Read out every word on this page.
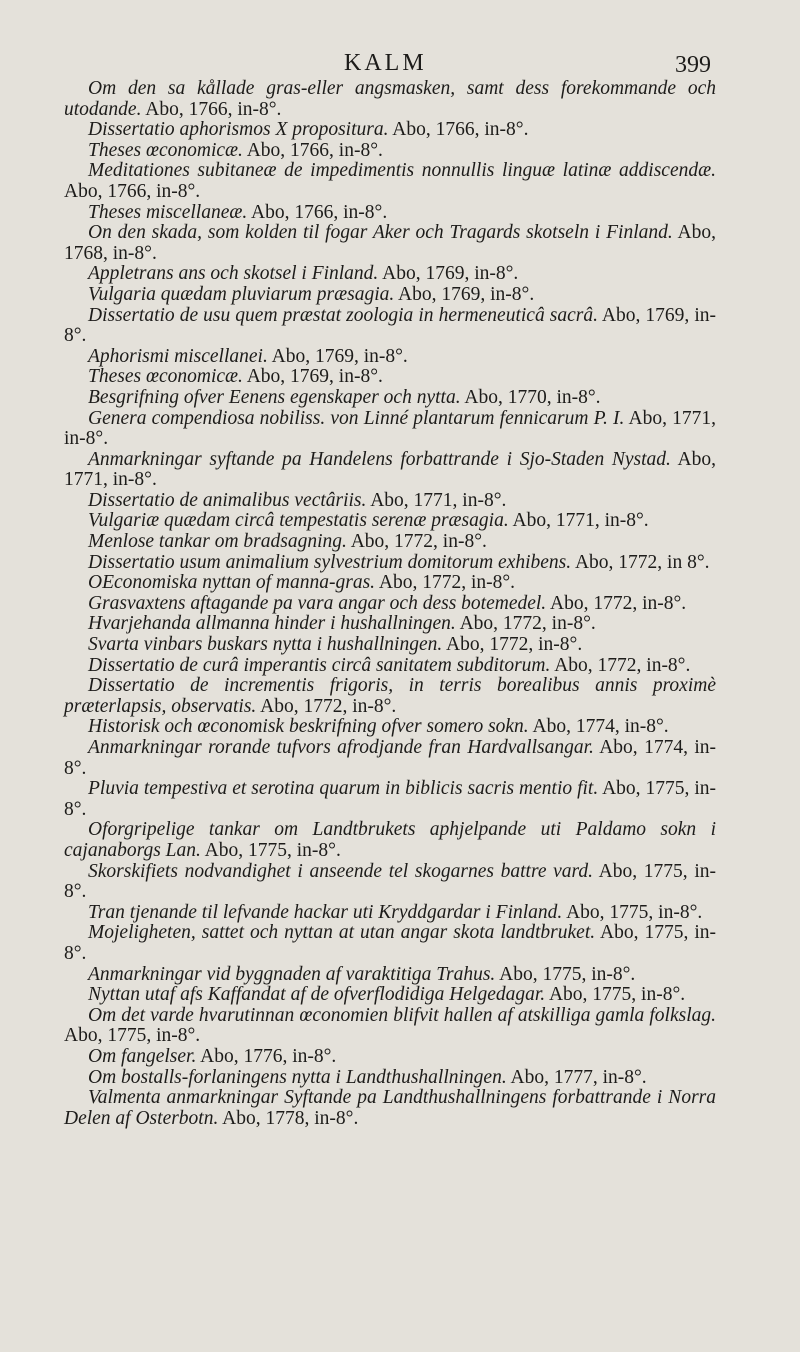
KALM	399

Om den sa kållade gras-eller angsmasken, samt dess forekommande och utodande. Abo, 1766, in-8°.

Dissertatio aphorismos X propositura. Abo, 1766, in-8°.

Theses œconomicæ. Abo, 1766, in-8°.

Meditationes subitaneæ de impedimentis nonnullis linguæ latinæ addiscendæ. Abo, 1766, in-8°.

Theses miscellaneæ. Abo, 1766, in-8°.

On den skada, som kolden til fogar Aker och Tragards skotseln i Finland. Abo, 1768, in-8°.

Appletrans ans och skotsel i Finland. Abo, 1769, in-8°.

Vulgaria quædam pluviarum præsagia. Abo, 1769, in-8°.

Dissertatio de usu quem præstat zoologia in hermeneuticâ sacrâ. Abo, 1769, in-8°.

Aphorismi miscellanei. Abo, 1769, in-8°.

Theses œconomicæ. Abo, 1769, in-8°.

Besgrifning ofver Eenens egenskaper och nytta. Abo, 1770, in-8°.

Genera compendiosa nobiliss. von Linné plantarum fennicarum P. I. Abo, 1771, in-8°.

Anmarkningar syftande pa Handelens forbattrande i Sjo-Staden Nystad. Abo, 1771, in-8°.

Dissertatio de animalibus vectâriis. Abo, 1771, in-8°.

Vulgariæ quædam circâ tempestatis serenæ præsagia. Abo, 1771, in-8°.

Menlose tankar om bradsagning. Abo, 1772, in-8°.

Dissertatio usum animalium sylvestrium domitorum exhibens. Abo, 1772, in 8°.

OEconomiska nyttan of manna-gras. Abo, 1772, in-8°.

Grasvaxtens aftagande pa vara angar och dess botemedel. Abo, 1772, in-8°.

Hvarjehanda allmanna hinder i hushallningen. Abo, 1772, in-8°.

Svarta vinbars buskars nytta i hushallningen. Abo, 1772, in-8°.

Dissertatio de curâ imperantis circâ sanitatem subditorum. Abo, 1772, in-8°.

Dissertatio de incrementis frigoris, in terris borealibus annis proximè præterlapsis, observatis. Abo, 1772, in-8°.

Historisk och œconomisk beskrifning ofver somero sokn. Abo, 1774, in-8°.

Anmarkningar rorande tufvors afrodjande fran Hardvallsangar. Abo, 1774, in-8°.

Pluvia tempestiva et serotina quarum in biblicis sacris mentio fit. Abo, 1775, in-8°.

Oforgripelige tankar om Landtbrukets aphjelpande uti Paldamo sokn i cajanaborgs Lan. Abo, 1775, in-8°.

Skorskifiets nodvandighet i anseende tel skogarnes battre vard. Abo, 1775, in-8°.

Tran tjenande til lefvande hackar uti Kryddgardar i Finland. Abo, 1775, in-8°.

Mojeligheten, sattet och nyttan at utan angar skota landtbruket. Abo, 1775, in-8°.

Anmarkningar vid byggnaden af varaktitiga Trahus. Abo, 1775, in-8°.

Nyttan utaf afs Kaffandat af de ofverflodidiga Helgedagar. Abo, 1775, in-8°.

Om det varde hvarutinnan œconomien blifvit hallen af atskilliga gamla folkslag. Abo, 1775, in-8°.

Om fangelser. Abo, 1776, in-8°.

Om bostalls-forlaningens nytta i Landthushallningen. Abo, 1777, in-8°.

Valmenta anmarkningar Syftande pa Landthushallningens forbattrande i Norra Delen af Osterbotn. Abo, 1778, in-8°.
